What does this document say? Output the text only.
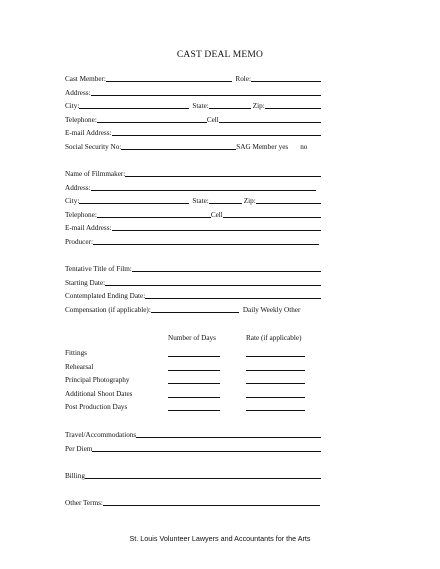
CAST DEAL MEMO
Cast Member:	Role:
Address:
City:	State:	Zip:
Telephone:	Cell
E-mail Address:
Social Security No:	SAG Member yes no
Name of Filmmaker:
Address:
City:	State:	Zip:
Telephone:	Cell
E-mail Address:
Producer:
Tentative Title of Film:
Starting Date:
Contemplated Ending Date:
Compensation (if applicable):	Daily Weekly Other
Number of Days	Rate (if applicable)
Fittings
Rehearsal
Principal Photography
Additional Shoot Dates
Post Production Days
Travel/Accommodations
Per Diem
Billing
Other Terms:
St. Louis Volunteer Lawyers and Accountants for the Arts
